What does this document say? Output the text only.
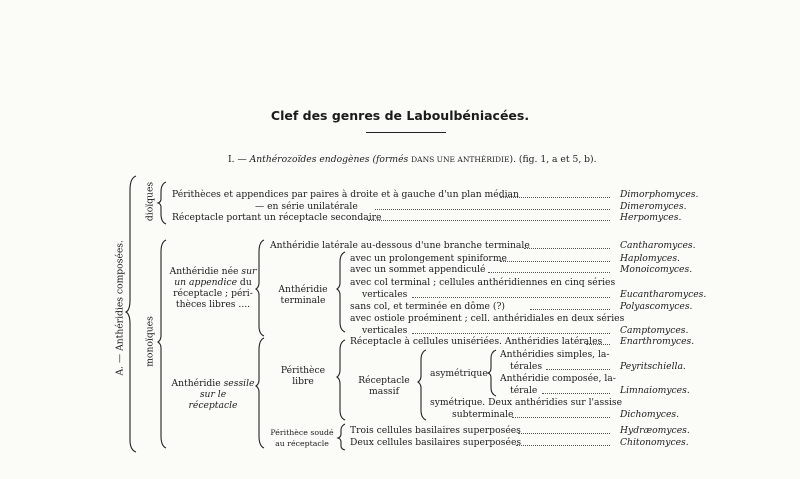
Clef des genres de Laboulbéniacées.
I. — Anthérozoïdes endogènes (formés DANS UNE ANTHÉRIDIE). (fig. 1, a et 5, b).
A. — Anthéridies composées.
dioïques
monoïques
Périthèces et appendices par paires à droite et à gauche d'un plan médian	Dimorphomyces.
— en série unilatérale	Dimeromyces.
Réceptacle portant un réceptacle secondaire	Herpomyces.
Anthéridie née sur
un appendice du
réceptacle ; péri-
thèces libres ....
Anthéridie latérale au-dessous d'une branche terminale	Cantharomyces.
Anthéridie
terminale
avec un prolongement spiniforme	Haplomyces.
avec un sommet appendiculé	Monoicomyces.
avec col terminal ; cellules anthéridiennes en cinq séries
verticales	Eucantharomyces.
sans col, et terminée en dôme (?)	Polyascomyces.
avec ostiole proéminent ; cell. anthéridiales en deux séries
verticales	Camptomyces.
Anthéridie sessile
sur le
réceptacle
Périthèce
libre
Réceptacle à cellules unisériées. Anthéridies latérales Enarthromyces.
Réceptacle
massif
asymétrique
Anthéridies simples, la-
térales	Peyritschiella.
Anthéridie composée, la-
térale	Limnaiomyces.
symétrique. Deux anthéridies sur l'assise
subterminale	Dichomyces.
Périthèce soudé
au réceptacle
Trois cellules basilaires superposées	Hydræomyces.
Deux cellules basilaires superposées	Chitonomyces.
